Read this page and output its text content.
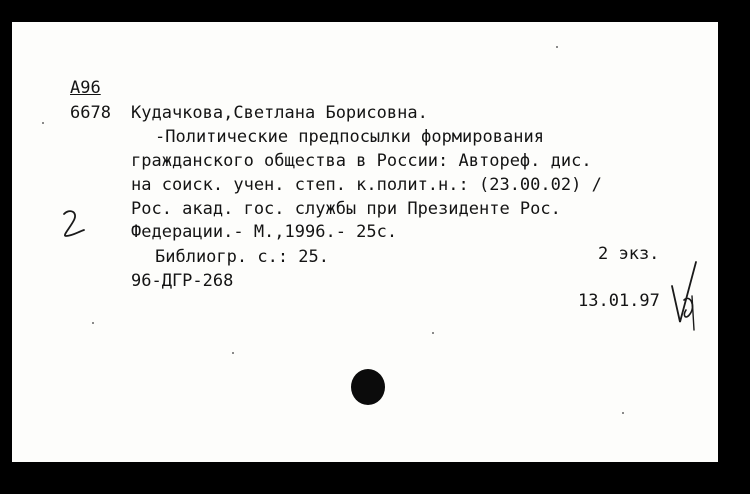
А96
6678 Кудачкова,Светлана Борисовна.
-Политические предпосылки формирования
гражданского общества в России: Автореф. дис.
на соиск. учен. степ. к.полит.н.: (23.00.02) /
Рос. акад. гос. службы при Президенте Рос.
Федерации.- М.,1996.- 25с.
Библиогр. с.: 25.	2 экз.
96-ДГР-268
13.01.97
